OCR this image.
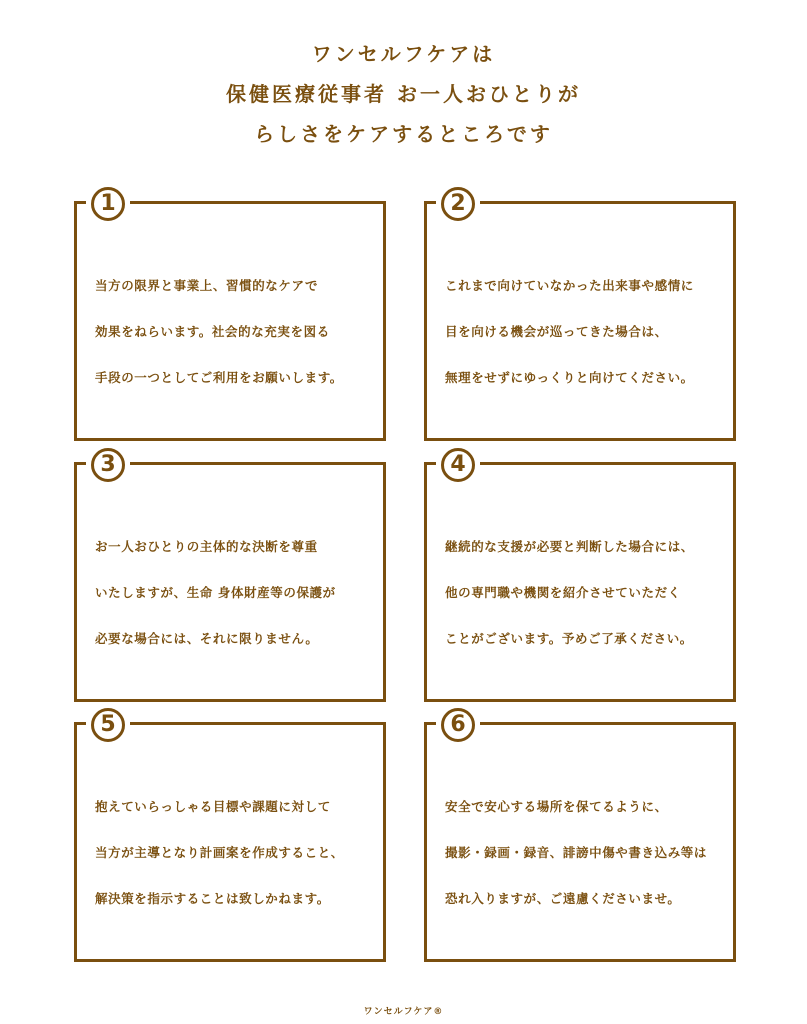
ワンセルフケアは
保健医療従事者 お一人おひとりが
らしさをケアするところです
1
当方の限界と事業上、習慣的なケアで
効果をねらいます。社会的な充実を図る
手段の一つとしてご利用をお願いします。
2
これまで向けていなかった出来事や感情に
目を向ける機会が巡ってきた場合は、
無理をせずにゆっくりと向けてください。
3
お一人おひとりの主体的な決断を尊重
いたしますが、生命 身体財産等の保護が
必要な場合には、それに限りません。
4
継続的な支援が必要と判断した場合には、
他の専門職や機関を紹介させていただく
ことがございます。予めご了承ください。
5
抱えていらっしゃる目標や課題に対して
当方が主導となり計画案を作成すること、
解決策を指示することは致しかねます。
6
安全で安心する場所を保てるように、
撮影・録画・録音、誹謗中傷や書き込み等は
恐れ入りますが、ご遠慮くださいませ。
ワンセルフケア®
